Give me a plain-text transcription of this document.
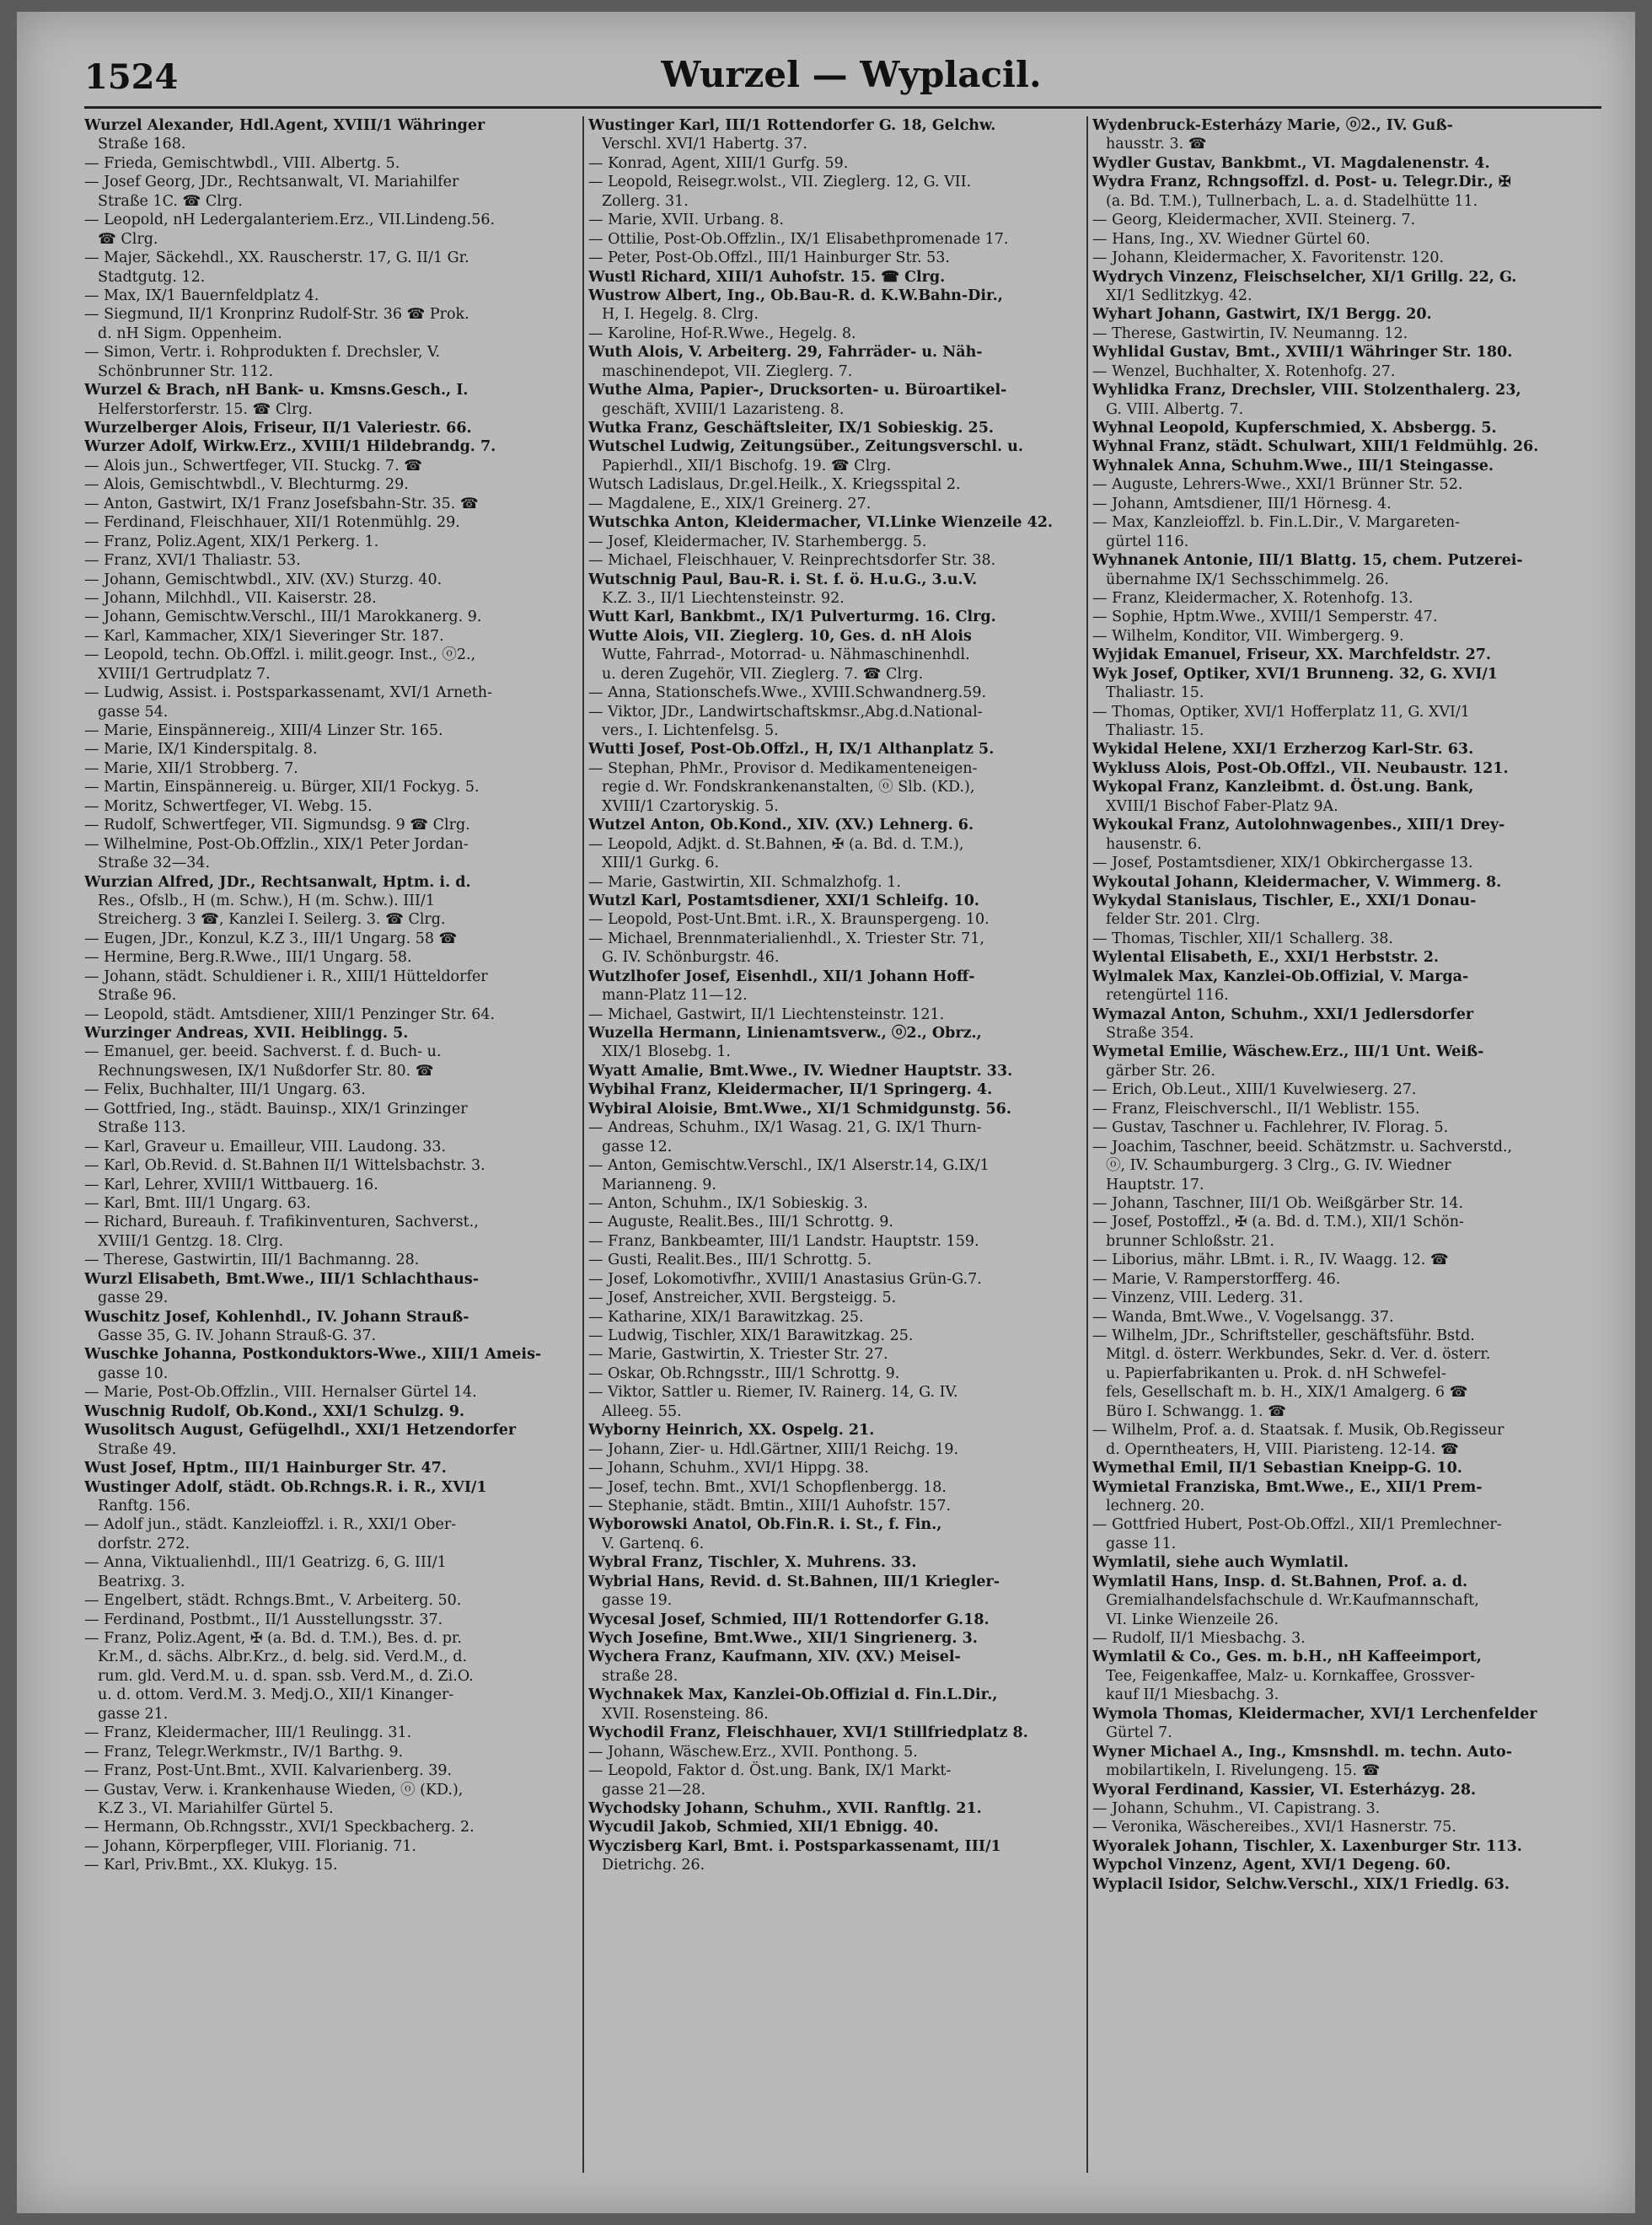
1524	Wurzel — Wyplacil.
Wurzel Alexander, Hdl.Agent, XVIII/1 Währinger
Straße 168.
— Frieda, Gemischtwbdl., VIII. Albertg. 5.
— Josef Georg, JDr., Rechtsanwalt, VI. Mariahilfer
Straße 1C. ☎ Clrg.
— Leopold, nH Ledergalanteriem.Erz., VII.Lindeng.56.
☎ Clrg.
— Majer, Säckehdl., XX. Rauscherstr. 17, G. II/1 Gr.
Stadtgutg. 12.
— Max, IX/1 Bauernfeldplatz 4.
— Siegmund, II/1 Kronprinz Rudolf-Str. 36 ☎ Prok.
d. nH Sigm. Oppenheim.
— Simon, Vertr. i. Rohprodukten f. Drechsler, V.
Schönbrunner Str. 112.
Wurzel & Brach, nH Bank- u. Kmsns.Gesch., I.
Helferstorferstr. 15. ☎ Clrg.
Wurzelberger Alois, Friseur, II/1 Valeriestr. 66.
Wurzer Adolf, Wirkw.Erz., XVIII/1 Hildebrandg. 7.
— Alois jun., Schwertfeger, VII. Stuckg. 7. ☎
— Alois, Gemischtwbdl., V. Blechturmg. 29.
— Anton, Gastwirt, IX/1 Franz Josefsbahn-Str. 35. ☎
— Ferdinand, Fleischhauer, XII/1 Rotenmühlg. 29.
— Franz, Poliz.Agent, XIX/1 Perkerg. 1.
— Franz, XVI/1 Thaliastr. 53.
— Johann, Gemischtwbdl., XIV. (XV.) Sturzg. 40.
— Johann, Milchhdl., VII. Kaiserstr. 28.
— Johann, Gemischtw.Verschl., III/1 Marokkanerg. 9.
— Karl, Kammacher, XIX/1 Sieveringer Str. 187.
— Leopold, techn. Ob.Offzl. i. milit.geogr. Inst., ⓞ2.,
XVIII/1 Gertrudplatz 7.
— Ludwig, Assist. i. Postsparkassenamt, XVI/1 Arneth-
gasse 54.
— Marie, Einspännereig., XIII/4 Linzer Str. 165.
— Marie, IX/1 Kinderspitalg. 8.
— Marie, XII/1 Strobberg. 7.
— Martin, Einspännereig. u. Bürger, XII/1 Fockyg. 5.
— Moritz, Schwertfeger, VI. Webg. 15.
— Rudolf, Schwertfeger, VII. Sigmundsg. 9 ☎ Clrg.
— Wilhelmine, Post-Ob.Offzlin., XIX/1 Peter Jordan-
Straße 32—34.
Wurzian Alfred, JDr., Rechtsanwalt, Hptm. i. d.
Res., Ofslb., H (m. Schw.), H (m. Schw.). III/1
Streicherg. 3 ☎, Kanzlei I. Seilerg. 3. ☎ Clrg.
— Eugen, JDr., Konzul, K.Z 3., III/1 Ungarg. 58 ☎
— Hermine, Berg.R.Wwe., III/1 Ungarg. 58.
— Johann, städt. Schuldiener i. R., XIII/1 Hütteldorfer
Straße 96.
— Leopold, städt. Amtsdiener, XIII/1 Penzinger Str. 64.
Wurzinger Andreas, XVII. Heiblingg. 5.
— Emanuel, ger. beeid. Sachverst. f. d. Buch- u.
Rechnungswesen, IX/1 Nußdorfer Str. 80. ☎
— Felix, Buchhalter, III/1 Ungarg. 63.
— Gottfried, Ing., städt. Bauinsp., XIX/1 Grinzinger
Straße 113.
— Karl, Graveur u. Emailleur, VIII. Laudong. 33.
— Karl, Ob.Revid. d. St.Bahnen II/1 Wittelsbachstr. 3.
— Karl, Lehrer, XVIII/1 Wittbauerg. 16.
— Karl, Bmt. III/1 Ungarg. 63.
— Richard, Bureauh. f. Trafikinventuren, Sachverst.,
XVIII/1 Gentzg. 18. Clrg.
— Therese, Gastwirtin, III/1 Bachmanng. 28.
Wurzl Elisabeth, Bmt.Wwe., III/1 Schlachthaus-
gasse 29.
Wuschitz Josef, Kohlenhdl., IV. Johann Strauß-
Gasse 35, G. IV. Johann Strauß-G. 37.
Wuschke Johanna, Postkonduktors-Wwe., XIII/1 Ameis-
gasse 10.
— Marie, Post-Ob.Offzlin., VIII. Hernalser Gürtel 14.
Wuschnig Rudolf, Ob.Kond., XXI/1 Schulzg. 9.
Wusolitsch August, Gefügelhdl., XXI/1 Hetzendorfer
Straße 49.
Wust Josef, Hptm., III/1 Hainburger Str. 47.
Wustinger Adolf, städt. Ob.Rchngs.R. i. R., XVI/1
Ranftg. 156.
— Adolf jun., städt. Kanzleioffzl. i. R., XXI/1 Ober-
dorfstr. 272.
— Anna, Viktualienhdl., III/1 Geatrizg. 6, G. III/1
Beatrixg. 3.
— Engelbert, städt. Rchngs.Bmt., V. Arbeiterg. 50.
— Ferdinand, Postbmt., II/1 Ausstellungsstr. 37.
— Franz, Poliz.Agent, ✠ (a. Bd. d. T.M.), Bes. d. pr.
Kr.M., d. sächs. Albr.Krz., d. belg. sid. Verd.M., d.
rum. gld. Verd.M. u. d. span. ssb. Verd.M., d. Zi.O.
u. d. ottom. Verd.M. 3. Medj.O., XII/1 Kinanger-
gasse 21.
— Franz, Kleidermacher, III/1 Reulingg. 31.
— Franz, Telegr.Werkmstr., IV/1 Barthg. 9.
— Franz, Post-Unt.Bmt., XVII. Kalvarienberg. 39.
— Gustav, Verw. i. Krankenhause Wieden, ⓞ (KD.),
K.Z 3., VI. Mariahilfer Gürtel 5.
— Hermann, Ob.Rchngsstr., XVI/1 Speckbacherg. 2.
— Johann, Körperpfleger, VIII. Florianig. 71.
— Karl, Priv.Bmt., XX. Klukyg. 15.
Wustinger Karl, III/1 Rottendorfer G. 18, Gelchw.
Verschl. XVI/1 Habertg. 37.
— Konrad, Agent, XIII/1 Gurfg. 59.
— Leopold, Reisegr.wolst., VII. Zieglerg. 12, G. VII.
Zollerg. 31.
— Marie, XVII. Urbang. 8.
— Ottilie, Post-Ob.Offzlin., IX/1 Elisabethpromenade 17.
— Peter, Post-Ob.Offzl., III/1 Hainburger Str. 53.
Wustl Richard, XIII/1 Auhofstr. 15. ☎ Clrg.
Wustrow Albert, Ing., Ob.Bau-R. d. K.W.Bahn-Dir.,
H, I. Hegelg. 8. Clrg.
— Karoline, Hof-R.Wwe., Hegelg. 8.
Wuth Alois, V. Arbeiterg. 29, Fahrräder- u. Näh-
maschinendepot, VII. Zieglerg. 7.
Wuthe Alma, Papier-, Drucksorten- u. Büroartikel-
geschäft, XVIII/1 Lazaristeng. 8.
Wutka Franz, Geschäftsleiter, IX/1 Sobieskig. 25.
Wutschel Ludwig, Zeitungsüber., Zeitungsverschl. u.
Papierhdl., XII/1 Bischofg. 19. ☎ Clrg.
Wutsch Ladislaus, Dr.gel.Heilk., X. Kriegsspital 2.
— Magdalene, E., XIX/1 Greinerg. 27.
Wutschka Anton, Kleidermacher, VI.Linke Wienzeile 42.
— Josef, Kleidermacher, IV. Starhembergg. 5.
— Michael, Fleischhauer, V. Reinprechtsdorfer Str. 38.
Wutschnig Paul, Bau-R. i. St. f. ö. H.u.G., 3.u.V.
K.Z. 3., II/1 Liechtensteinstr. 92.
Wutt Karl, Bankbmt., IX/1 Pulverturmg. 16. Clrg.
Wutte Alois, VII. Zieglerg. 10, Ges. d. nH Alois
Wutte, Fahrrad-, Motorrad- u. Nähmaschinenhdl.
u. deren Zugehör, VII. Zieglerg. 7. ☎ Clrg.
— Anna, Stationschefs.Wwe., XVIII.Schwandnerg.59.
— Viktor, JDr., Landwirtschaftskmsr.,Abg.d.National-
vers., I. Lichtenfelsg. 5.
Wutti Josef, Post-Ob.Offzl., H, IX/1 Althanplatz 5.
— Stephan, PhMr., Provisor d. Medikamenteneigen-
regie d. Wr. Fondskrankenanstalten, ⓞ Slb. (KD.),
XVIII/1 Czartoryskig. 5.
Wutzel Anton, Ob.Kond., XIV. (XV.) Lehnerg. 6.
— Leopold, Adjkt. d. St.Bahnen, ✠ (a. Bd. d. T.M.),
XIII/1 Gurkg. 6.
— Marie, Gastwirtin, XII. Schmalzhofg. 1.
Wutzl Karl, Postamtsdiener, XXI/1 Schleifg. 10.
— Leopold, Post-Unt.Bmt. i.R., X. Braunspergeng. 10.
— Michael, Brennmaterialienhdl., X. Triester Str. 71,
G. IV. Schönburgstr. 46.
Wutzlhofer Josef, Eisenhdl., XII/1 Johann Hoff-
mann-Platz 11—12.
— Michael, Gastwirt, II/1 Liechtensteinstr. 121.
Wuzella Hermann, Linienamtsverw., ⓞ2., Obrz.,
XIX/1 Blosebg. 1.
Wyatt Amalie, Bmt.Wwe., IV. Wiedner Hauptstr. 33.
Wybihal Franz, Kleidermacher, II/1 Springerg. 4.
Wybiral Aloisie, Bmt.Wwe., XI/1 Schmidgunstg. 56.
— Andreas, Schuhm., IX/1 Wasag. 21, G. IX/1 Thurn-
gasse 12.
— Anton, Gemischtw.Verschl., IX/1 Alserstr.14, G.IX/1
Marianneng. 9.
— Anton, Schuhm., IX/1 Sobieskig. 3.
— Auguste, Realit.Bes., III/1 Schrottg. 9.
— Franz, Bankbeamter, III/1 Landstr. Hauptstr. 159.
— Gusti, Realit.Bes., III/1 Schrottg. 5.
— Josef, Lokomotivfhr., XVIII/1 Anastasius Grün-G.7.
— Josef, Anstreicher, XVII. Bergsteigg. 5.
— Katharine, XIX/1 Barawitzkag. 25.
— Ludwig, Tischler, XIX/1 Barawitzkag. 25.
— Marie, Gastwirtin, X. Triester Str. 27.
— Oskar, Ob.Rchngsstr., III/1 Schrottg. 9.
— Viktor, Sattler u. Riemer, IV. Rainerg. 14, G. IV.
Alleeg. 55.
Wyborny Heinrich, XX. Ospelg. 21.
— Johann, Zier- u. Hdl.Gärtner, XIII/1 Reichg. 19.
— Johann, Schuhm., XVI/1 Hippg. 38.
— Josef, techn. Bmt., XVI/1 Schopflenbergg. 18.
— Stephanie, städt. Bmtin., XIII/1 Auhofstr. 157.
Wyborowski Anatol, Ob.Fin.R. i. St., f. Fin.,
V. Gartenq. 6.
Wybral Franz, Tischler, X. Muhrens. 33.
Wybrial Hans, Revid. d. St.Bahnen, III/1 Kriegler-
gasse 19.
Wycesal Josef, Schmied, III/1 Rottendorfer G.18.
Wych Josefine, Bmt.Wwe., XII/1 Singrienerg. 3.
Wychera Franz, Kaufmann, XIV. (XV.) Meisel-
straße 28.
Wychnakek Max, Kanzlei-Ob.Offizial d. Fin.L.Dir.,
XVII. Rosensteing. 86.
Wychodil Franz, Fleischhauer, XVI/1 Stillfriedplatz 8.
— Johann, Wäschew.Erz., XVII. Ponthong. 5.
— Leopold, Faktor d. Öst.ung. Bank, IX/1 Markt-
gasse 21—28.
Wychodsky Johann, Schuhm., XVII. Ranftlg. 21.
Wycudil Jakob, Schmied, XII/1 Ebnigg. 40.
Wyczisberg Karl, Bmt. i. Postsparkassenamt, III/1
Dietrichg. 26.
Wydenbruck-Esterházy Marie, ⓞ2., IV. Guß-
hausstr. 3. ☎
Wydler Gustav, Bankbmt., VI. Magdalenenstr. 4.
Wydra Franz, Rchngsoffzl. d. Post- u. Telegr.Dir., ✠
(a. Bd. T.M.), Tullnerbach, L. a. d. Stadelhütte 11.
— Georg, Kleidermacher, XVII. Steinerg. 7.
— Hans, Ing., XV. Wiedner Gürtel 60.
— Johann, Kleidermacher, X. Favoritenstr. 120.
Wydrych Vinzenz, Fleischselcher, XI/1 Grillg. 22, G.
XI/1 Sedlitzkyg. 42.
Wyhart Johann, Gastwirt, IX/1 Bergg. 20.
— Therese, Gastwirtin, IV. Neumanng. 12.
Wyhlidal Gustav, Bmt., XVIII/1 Währinger Str. 180.
— Wenzel, Buchhalter, X. Rotenhofg. 27.
Wyhlidka Franz, Drechsler, VIII. Stolzenthalerg. 23,
G. VIII. Albertg. 7.
Wyhnal Leopold, Kupferschmied, X. Absbergg. 5.
Wyhnal Franz, städt. Schulwart, XIII/1 Feldmühlg. 26.
Wyhnalek Anna, Schuhm.Wwe., III/1 Steingasse.
— Auguste, Lehrers-Wwe., XXI/1 Brünner Str. 52.
— Johann, Amtsdiener, III/1 Hörnesg. 4.
— Max, Kanzleioffzl. b. Fin.L.Dir., V. Margareten-
gürtel 116.
Wyhnanek Antonie, III/1 Blattg. 15, chem. Putzerei-
übernahme IX/1 Sechsschimmelg. 26.
— Franz, Kleidermacher, X. Rotenhofg. 13.
— Sophie, Hptm.Wwe., XVIII/1 Semperstr. 47.
— Wilhelm, Konditor, VII. Wimbergerg. 9.
Wyjidak Emanuel, Friseur, XX. Marchfeldstr. 27.
Wyk Josef, Optiker, XVI/1 Brunneng. 32, G. XVI/1
Thaliastr. 15.
— Thomas, Optiker, XVI/1 Hofferplatz 11, G. XVI/1
Thaliastr. 15.
Wykidal Helene, XXI/1 Erzherzog Karl-Str. 63.
Wykluss Alois, Post-Ob.Offzl., VII. Neubaustr. 121.
Wykopal Franz, Kanzleibmt. d. Öst.ung. Bank,
XVIII/1 Bischof Faber-Platz 9A.
Wykoukal Franz, Autolohnwagenbes., XIII/1 Drey-
hausenstr. 6.
— Josef, Postamtsdiener, XIX/1 Obkirchergasse 13.
Wykoutal Johann, Kleidermacher, V. Wimmerg. 8.
Wykydal Stanislaus, Tischler, E., XXI/1 Donau-
felder Str. 201. Clrg.
— Thomas, Tischler, XII/1 Schallerg. 38.
Wylental Elisabeth, E., XXI/1 Herbststr. 2.
Wylmalek Max, Kanzlei-Ob.Offizial, V. Marga-
retengürtel 116.
Wymazal Anton, Schuhm., XXI/1 Jedlersdorfer
Straße 354.
Wymetal Emilie, Wäschew.Erz., III/1 Unt. Weiß-
gärber Str. 26.
— Erich, Ob.Leut., XIII/1 Kuvelwieserg. 27.
— Franz, Fleischverschl., II/1 Weblistr. 155.
— Gustav, Taschner u. Fachlehrer, IV. Florag. 5.
— Joachim, Taschner, beeid. Schätzmstr. u. Sachverstd.,
ⓞ, IV. Schaumburgerg. 3 Clrg., G. IV. Wiedner
Hauptstr. 17.
— Johann, Taschner, III/1 Ob. Weißgärber Str. 14.
— Josef, Postoffzl., ✠ (a. Bd. d. T.M.), XII/1 Schön-
brunner Schloßstr. 21.
— Liborius, mähr. LBmt. i. R., IV. Waagg. 12. ☎
— Marie, V. Ramperstorfferg. 46.
— Vinzenz, VIII. Lederg. 31.
— Wanda, Bmt.Wwe., V. Vogelsangg. 37.
— Wilhelm, JDr., Schriftsteller, geschäftsführ. Bstd.
Mitgl. d. österr. Werkbundes, Sekr. d. Ver. d. österr.
u. Papierfabrikanten u. Prok. d. nH Schwefel-
fels, Gesellschaft m. b. H., XIX/1 Amalgerg. 6 ☎
Büro I. Schwangg. 1. ☎
— Wilhelm, Prof. a. d. Staatsak. f. Musik, Ob.Regisseur
d. Operntheaters, H, VIII. Piaristeng. 12-14. ☎
Wymethal Emil, II/1 Sebastian Kneipp-G. 10.
Wymietal Franziska, Bmt.Wwe., E., XII/1 Prem-
lechnerg. 20.
— Gottfried Hubert, Post-Ob.Offzl., XII/1 Premlechner-
gasse 11.
Wymlatil, siehe auch Wymlatil.
Wymlatil Hans, Insp. d. St.Bahnen, Prof. a. d.
Gremialhandelsfachschule d. Wr.Kaufmannschaft,
VI. Linke Wienzeile 26.
— Rudolf, II/1 Miesbachg. 3.
Wymlatil & Co., Ges. m. b.H., nH Kaffeeimport,
Tee, Feigenkaffee, Malz- u. Kornkaffee, Grossver-
kauf II/1 Miesbachg. 3.
Wymola Thomas, Kleidermacher, XVI/1 Lerchenfelder
Gürtel 7.
Wyner Michael A., Ing., Kmsnshdl. m. techn. Auto-
mobilartikeln, I. Rivelungeng. 15. ☎
Wyoral Ferdinand, Kassier, VI. Esterházyg. 28.
— Johann, Schuhm., VI. Capistrang. 3.
— Veronika, Wäschereibes., XVI/1 Hasnerstr. 75.
Wyoralek Johann, Tischler, X. Laxenburger Str. 113.
Wypchol Vinzenz, Agent, XVI/1 Degeng. 60.
Wyplacil Isidor, Selchw.Verschl., XIX/1 Friedlg. 63.
